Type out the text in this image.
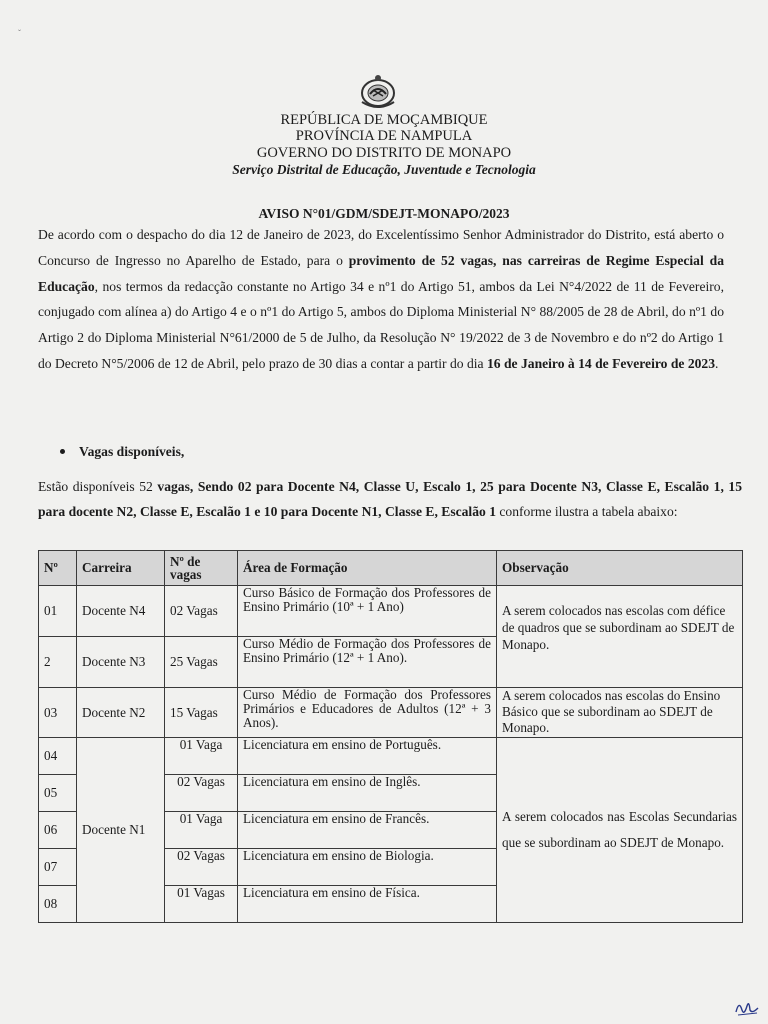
ˇ
REPÚBLICA DE MOÇAMBIQUE
PROVÍNCIA DE NAMPULA
GOVERNO DO DISTRITO DE MONAPO
Serviço Distrital de Educação, Juventude e Tecnologia
AVISO N°01/GDM/SDEJT-MONAPO/2023
De acordo com o despacho do dia 12 de Janeiro de 2023, do Excelentíssimo Senhor Administrador do Distrito, está aberto o Concurso de Ingresso no Aparelho de Estado, para o provimento de 52 vagas, nas carreiras de Regime Especial da Educação, nos termos da redacção constante no Artigo 34 e nº1 do Artigo 51, ambos da Lei N°4/2022 de 11 de Fevereiro, conjugado com alínea a) do Artigo 4 e o nº1 do Artigo 5, ambos do Diploma Ministerial N° 88/2005 de 28 de Abril, do nº1 do Artigo 2 do Diploma Ministerial N°61/2000 de 5 de Julho, da Resolução N° 19/2022 de 3 de Novembro e do nº2 do Artigo 1 do Decreto N°5/2006 de 12 de Abril, pelo prazo de 30 dias a contar a partir do dia 16 de Janeiro à 14 de Fevereiro de 2023.
Vagas disponíveis,
Estão disponíveis 52 vagas, Sendo 02 para Docente N4, Classe U, Escalo 1, 25 para Docente N3, Classe E, Escalão 1, 15 para docente N2, Classe E, Escalão 1 e 10 para Docente N1, Classe E, Escalão 1 conforme ilustra a tabela abaixo:
Nº	Carreira	Nº de vagas	Área de Formação	Observação
01	Docente N4	02 Vagas	Curso Básico de Formação dos Professores de Ensino Primário (10ª + 1 Ano)	A serem colocados nas escolas com défice de quadros que se subordinam ao SDEJT de Monapo.

2	Docente N3	25 Vagas	Curso Médio de Formação dos Professores de Ensino Primário (12ª + 1 Ano).	
03	Docente N2	15 Vagas	Curso Médio de Formação dos Professores Primários e Educadores de Adultos (12ª + 3 Anos).	A serem colocados nas escolas do Ensino Básico que se subordinam ao SDEJT de Monapo.
04	Docente N1	01 Vaga	Licenciatura em ensino de Português.	A serem colocados nas Escolas Secundarias que se subordinam ao SDEJT de Monapo.
05		02 Vagas	Licenciatura em ensino de Inglês.	
06		01 Vaga	Licenciatura em ensino de Francês.	
07		02 Vagas	Licenciatura em ensino de Biologia.	
08		01 Vagas	Licenciatura em ensino de Física.	
